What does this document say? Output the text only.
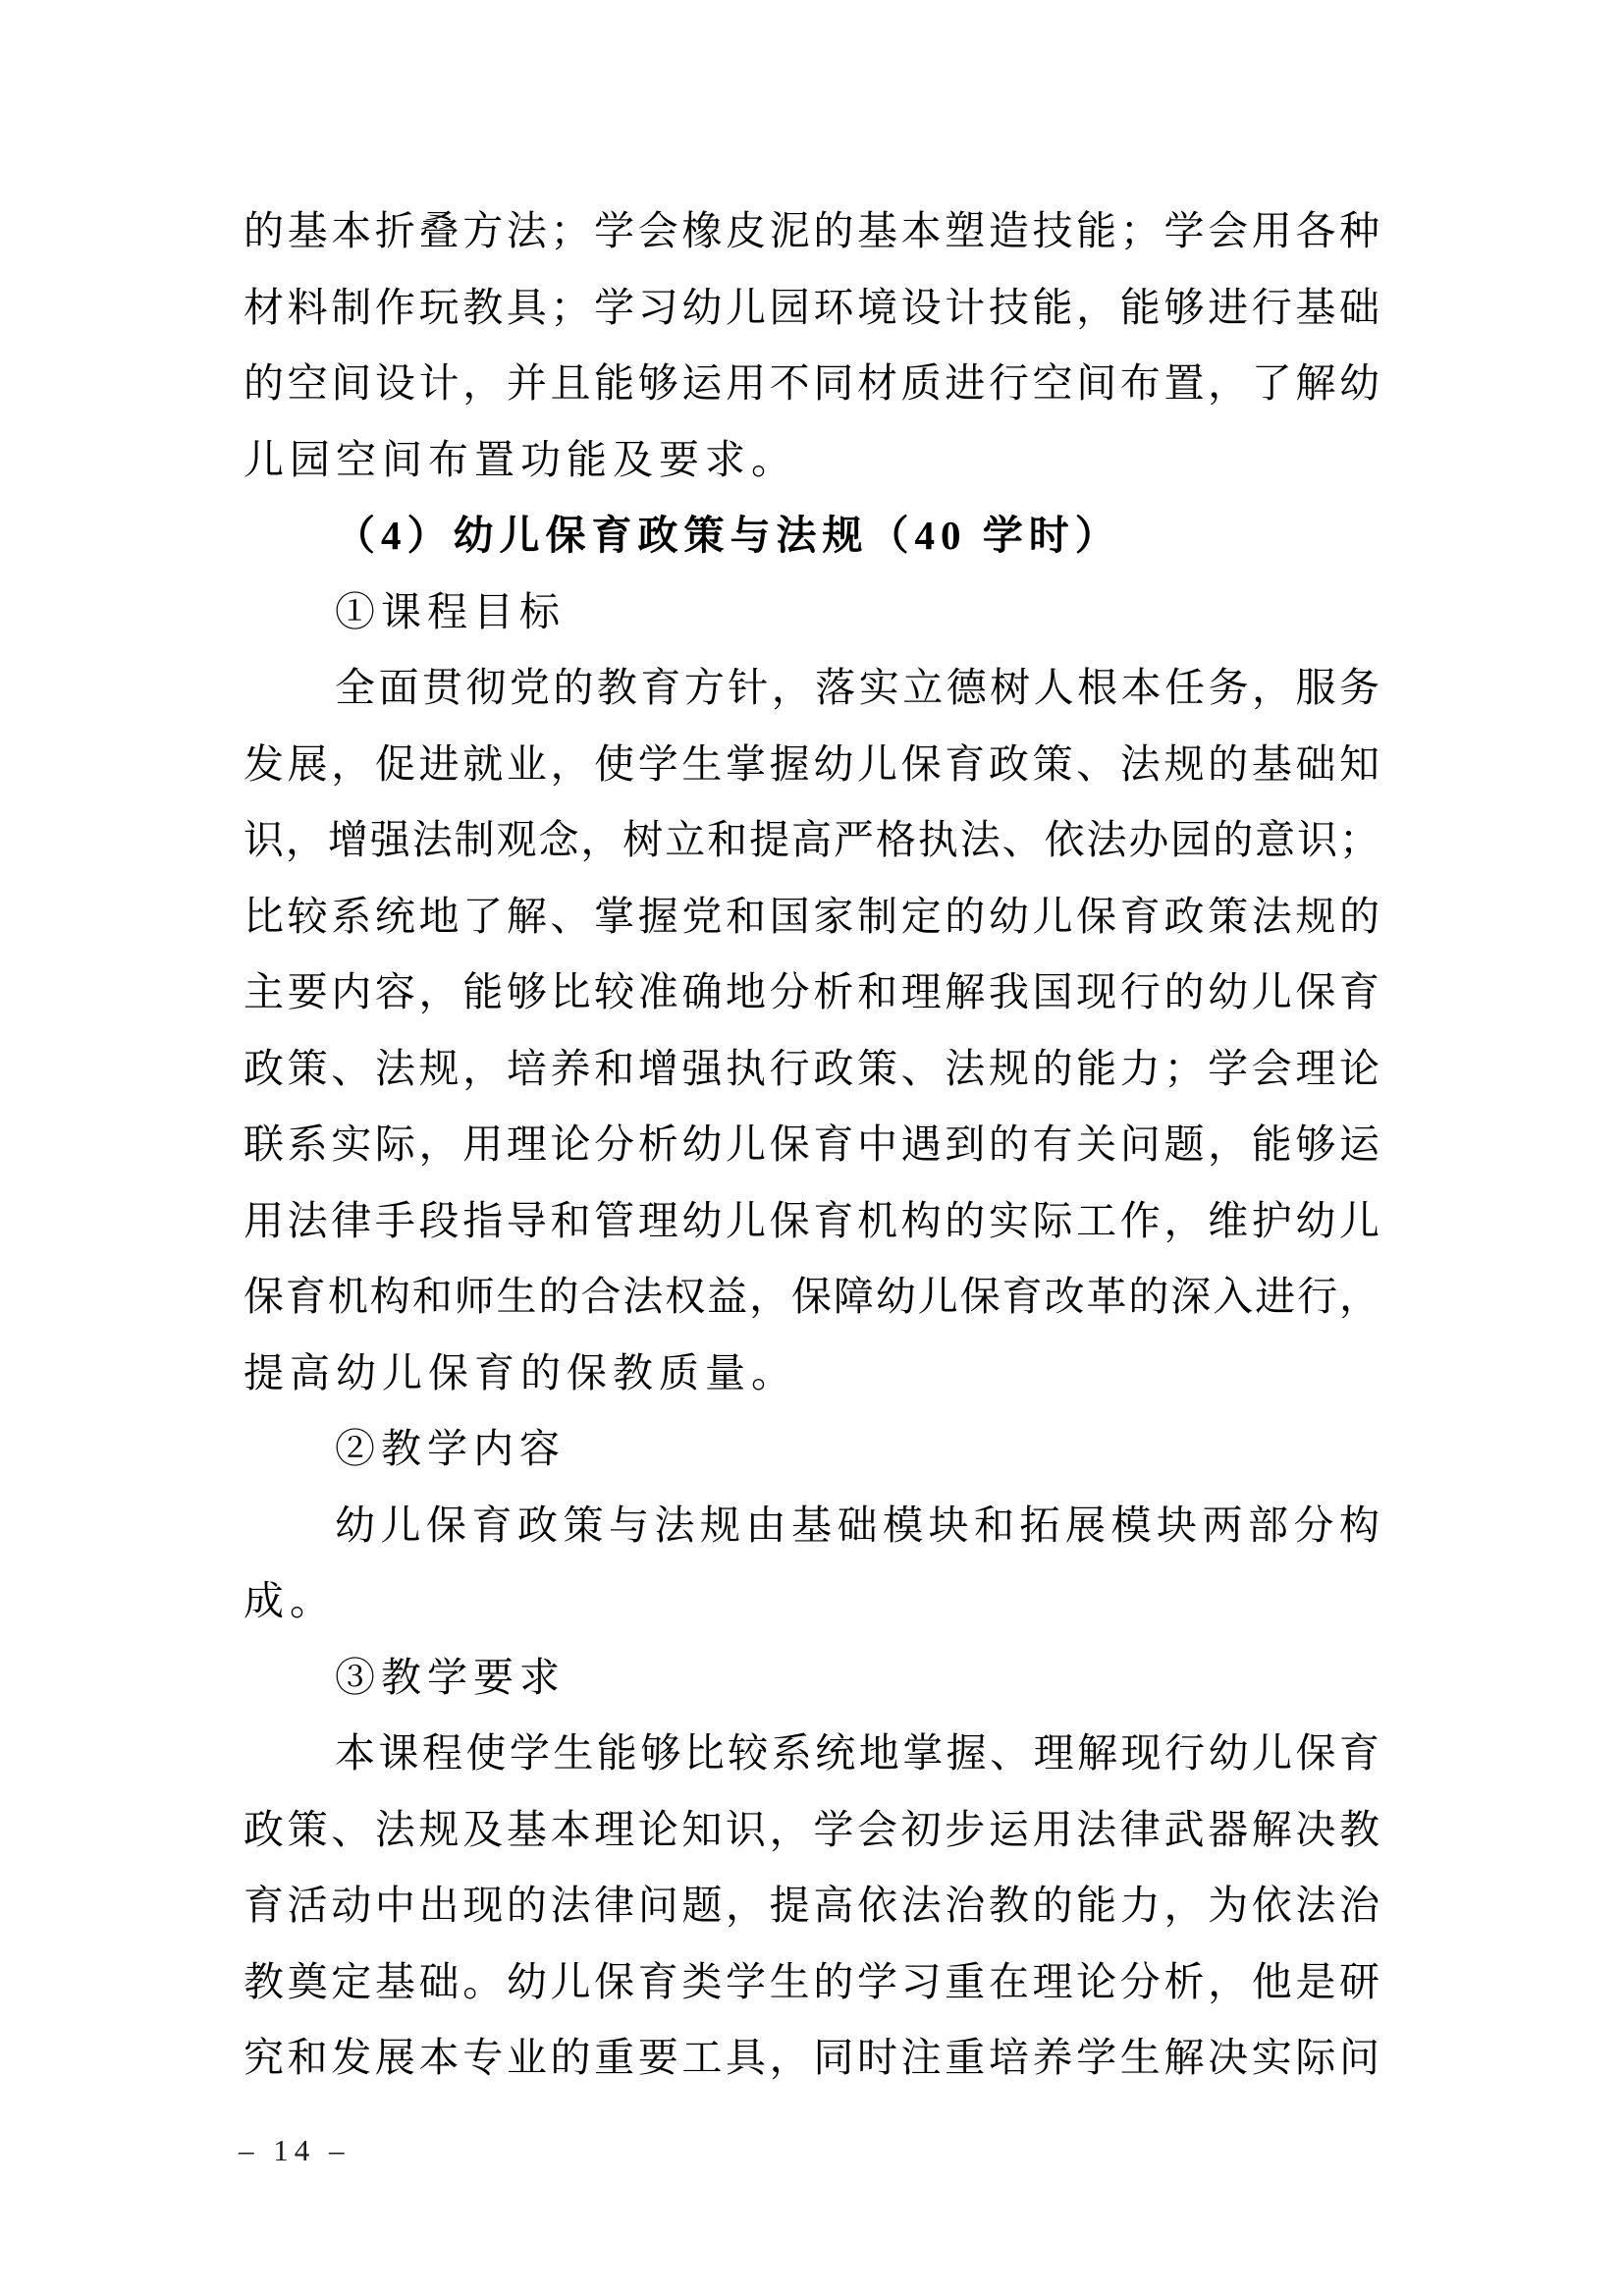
的基本折叠方法；学会橡皮泥的基本塑造技能；学会用各种
材料制作玩教具；学习幼儿园环境设计技能，能够进行基础
的空间设计，并且能够运用不同材质进行空间布置，了解幼
儿园空间布置功能及要求。
（4）幼儿保育政策与法规（40 学时）
①课程目标
全面贯彻党的教育方针，落实立德树人根本任务，服务
发展，促进就业，使学生掌握幼儿保育政策、法规的基础知
识，增强法制观念，树立和提高严格执法、依法办园的意识；
比较系统地了解、掌握党和国家制定的幼儿保育政策法规的
主要内容，能够比较准确地分析和理解我国现行的幼儿保育
政策、法规，培养和增强执行政策、法规的能力；学会理论
联系实际，用理论分析幼儿保育中遇到的有关问题，能够运
用法律手段指导和管理幼儿保育机构的实际工作，维护幼儿
保育机构和师生的合法权益，保障幼儿保育改革的深入进行，
提高幼儿保育的保教质量。
②教学内容
幼儿保育政策与法规由基础模块和拓展模块两部分构
成。
③教学要求
本课程使学生能够比较系统地掌握、理解现行幼儿保育
政策、法规及基本理论知识，学会初步运用法律武器解决教
育活动中出现的法律问题，提高依法治教的能力，为依法治
教奠定基础。幼儿保育类学生的学习重在理论分析，他是研
究和发展本专业的重要工具，同时注重培养学生解决实际问
– 14 –
